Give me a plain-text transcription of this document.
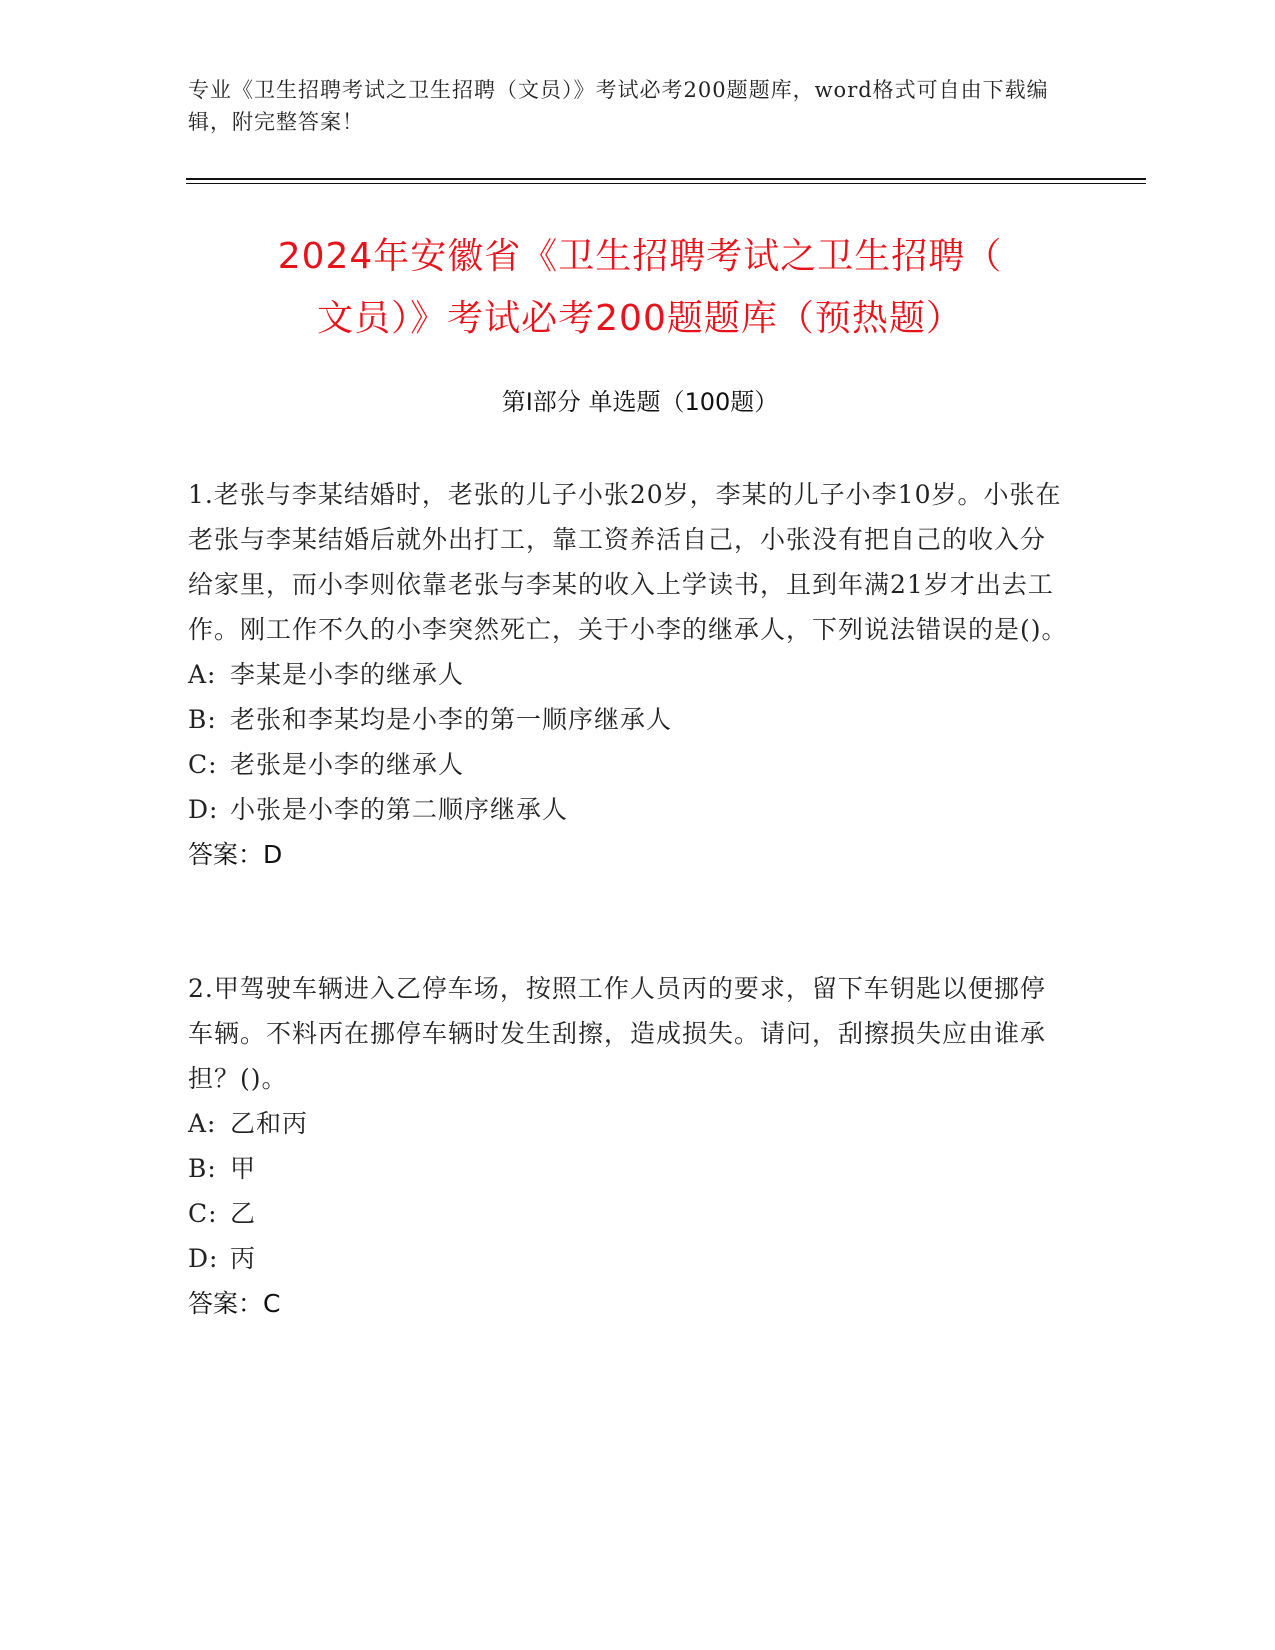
专业《卫生招聘考试之卫生招聘（文员）》考试必考200题题库，word格式可自由下载编辑，附完整答案！
2024年安徽省《卫生招聘考试之卫生招聘（
文员）》考试必考200题题库（预热题）
第I部分 单选题（100题）

1.老张与李某结婚时，老张的儿子小张20岁，李某的儿子小李10岁。小张在老张与李某结婚后就外出打工，靠工资养活自己，小张没有把自己的收入分给家里，而小李则依靠老张与李某的收入上学读书，且到年满21岁才出去工作。刚工作不久的小李突然死亡，关于小李的继承人，下列说法错误的是()。

A: 李某是小李的继承人

B: 老张和李某均是小李的第一顺序继承人

C: 老张是小李的继承人

D: 小张是小李的第二顺序继承人

答案：D

2.甲驾驶车辆进入乙停车场，按照工作人员丙的要求，留下车钥匙以便挪停车辆。不料丙在挪停车辆时发生刮擦，造成损失。请问，刮擦损失应由谁承担？()。

A: 乙和丙

B: 甲

C: 乙

D: 丙

答案：C
